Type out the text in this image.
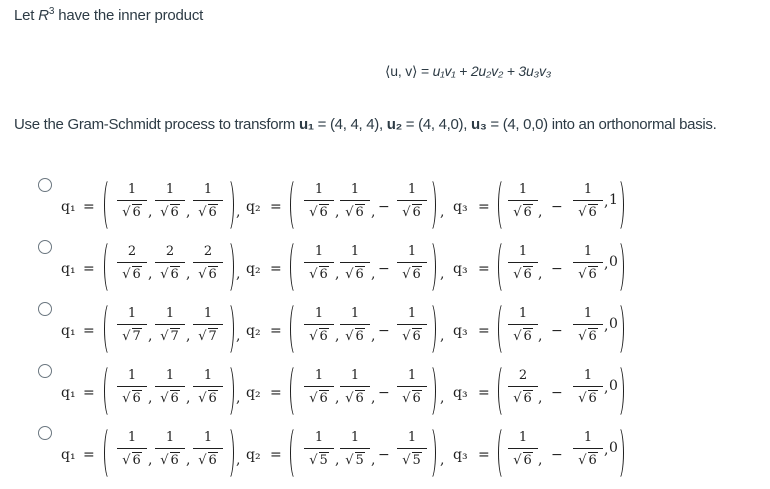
Let $R^3$ have the inner product
⟨u, v⟩ = u₁v₁ + 2u₂v₂ + 3u₃v₃
Use the Gram-Schmidt process to transform u₁ = (4, 4, 4), u₂ = (4, 4,0), u₃ = (4, 0,0) into an orthonormal basis.
q₁ =
1
√ 6 ,
1
√ 6 ,
1
√ 6	, q₂ =
1
√ 6 ,
1
√ 6 , −
1
√ 6	, q₃ =
1
√ 6 , −
1
√ 6
, 1
q₁ =
2
√ 6 ,
2
√ 6 ,
2
√ 6	, q₂ =
1
√ 6 ,
1
√ 6 , −
1
√ 6	, q₃ =
1
√ 6 , −
1
√ 6
, 0
q₁ =
1
√ 7 ,
1
√ 7 ,
1
√ 7	, q₂ =
1
√ 6 ,
1
√ 6 , −
1
√ 6	, q₃ =
1
√ 6 , −
1
√ 6
, 0
q₁ =
1
√ 6 ,
1
√ 6 ,
1
√ 6	, q₂ =
1
√ 6 ,
1
√ 6 , −
1
√ 6	, q₃ =
2
√ 6 , −
1
√ 6
, 0
q₁ =
1
√ 6 ,
1
√ 6 ,
1
√ 6	, q₂ =
1
√ 5 ,
1
√ 5 , −
1
√ 5	, q₃ =
1
√ 6 , −
1
√ 6
, 0
